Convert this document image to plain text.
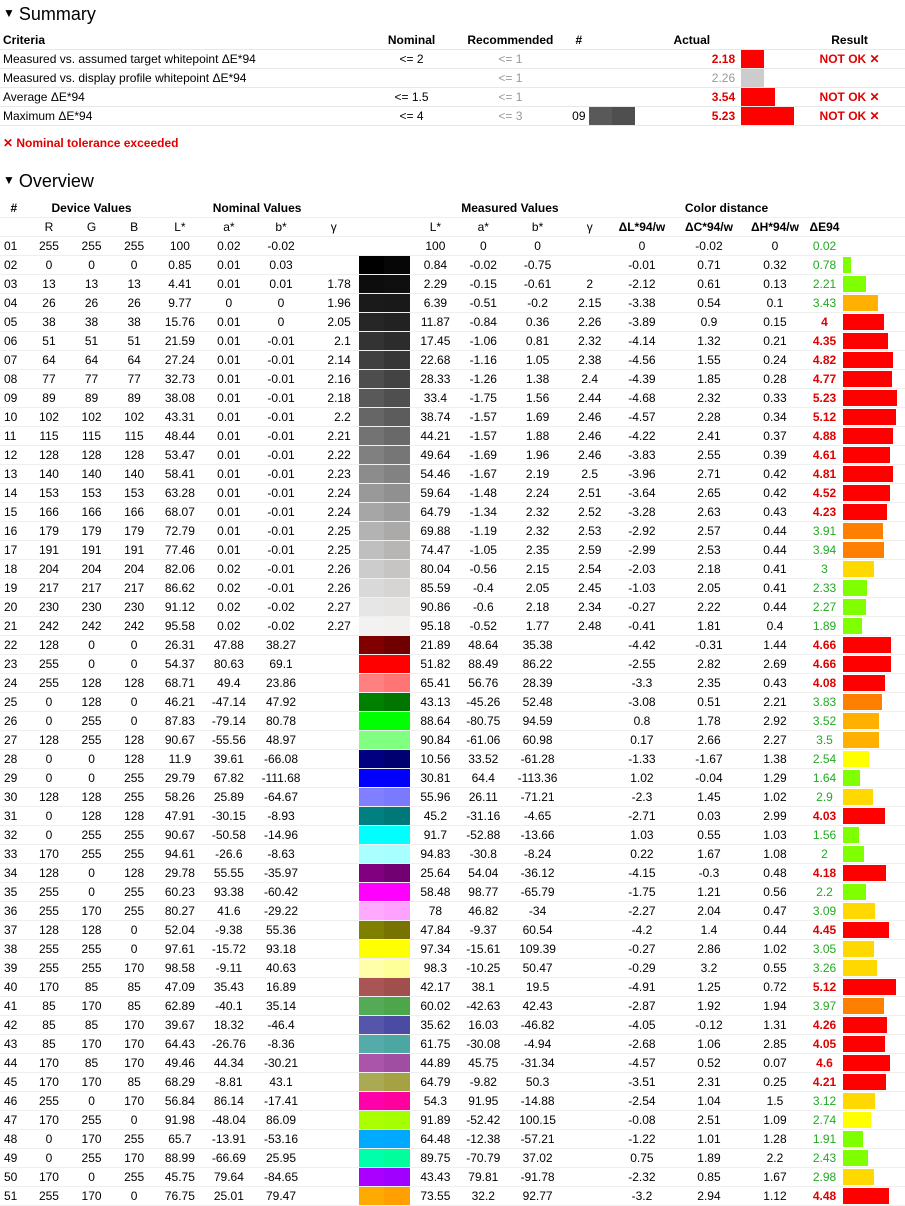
▼ Summary
Criteria	Nominal	Recommended	#	Actual			Result
Measured vs. assumed target whitepoint ΔE*94	<= 2	<= 1			2.18		NOT OK ✕
Measured vs. display profile whitepoint ΔE*94		<= 1			2.26	

Average ΔE*94	<= 1.5	<= 1			3.54		NOT OK ✕
Maximum ΔE*94	<= 4	<= 3	09		5.23		NOT OK ✕
✕ Nominal tolerance exceeded
▼ Overview
#	Device Values			Nominal Values					Measured Values				Color distance				
	R	G	B	L*	a*	b*	γ		L*	a*	b*	γ	ΔL*94/w	ΔC*94/w	ΔH*94/w	ΔE94	
01	255	255	255	100	0.02	-0.02			100	0	0		0	-0.02	0	0.02	

02	0	0	0	0.85	0.01	0.03			0.84	-0.02	-0.75		-0.01	0.71	0.32	0.78	

03	13	13	13	4.41	0.01	0.01	1.78		2.29	-0.15	-0.61	2	-2.12	0.61	0.13	2.21	

04	26	26	26	9.77	0	0	1.96		6.39	-0.51	-0.2	2.15	-3.38	0.54	0.1	3.43	

05	38	38	38	15.76	0.01	0	2.05		11.87	-0.84	0.36	2.26	-3.89	0.9	0.15	4	

06	51	51	51	21.59	0.01	-0.01	2.1		17.45	-1.06	0.81	2.32	-4.14	1.32	0.21	4.35	

07	64	64	64	27.24	0.01	-0.01	2.14		22.68	-1.16	1.05	2.38	-4.56	1.55	0.24	4.82	

08	77	77	77	32.73	0.01	-0.01	2.16		28.33	-1.26	1.38	2.4	-4.39	1.85	0.28	4.77	

09	89	89	89	38.08	0.01	-0.01	2.18		33.4	-1.75	1.56	2.44	-4.68	2.32	0.33	5.23	

10	102	102	102	43.31	0.01	-0.01	2.2		38.74	-1.57	1.69	2.46	-4.57	2.28	0.34	5.12	

11	115	115	115	48.44	0.01	-0.01	2.21		44.21	-1.57	1.88	2.46	-4.22	2.41	0.37	4.88	

12	128	128	128	53.47	0.01	-0.01	2.22		49.64	-1.69	1.96	2.46	-3.83	2.55	0.39	4.61	

13	140	140	140	58.41	0.01	-0.01	2.23		54.46	-1.67	2.19	2.5	-3.96	2.71	0.42	4.81	

14	153	153	153	63.28	0.01	-0.01	2.24		59.64	-1.48	2.24	2.51	-3.64	2.65	0.42	4.52	

15	166	166	166	68.07	0.01	-0.01	2.24		64.79	-1.34	2.32	2.52	-3.28	2.63	0.43	4.23	

16	179	179	179	72.79	0.01	-0.01	2.25		69.88	-1.19	2.32	2.53	-2.92	2.57	0.44	3.91	

17	191	191	191	77.46	0.01	-0.01	2.25		74.47	-1.05	2.35	2.59	-2.99	2.53	0.44	3.94	

18	204	204	204	82.06	0.02	-0.01	2.26		80.04	-0.56	2.15	2.54	-2.03	2.18	0.41	3	

19	217	217	217	86.62	0.02	-0.01	2.26		85.59	-0.4	2.05	2.45	-1.03	2.05	0.41	2.33	

20	230	230	230	91.12	0.02	-0.02	2.27		90.86	-0.6	2.18	2.34	-0.27	2.22	0.44	2.27	

21	242	242	242	95.58	0.02	-0.02	2.27		95.18	-0.52	1.77	2.48	-0.41	1.81	0.4	1.89	

22	128	0	0	26.31	47.88	38.27			21.89	48.64	35.38		-4.42	-0.31	1.44	4.66	

23	255	0	0	54.37	80.63	69.1			51.82	88.49	86.22		-2.55	2.82	2.69	4.66	

24	255	128	128	68.71	49.4	23.86			65.41	56.76	28.39		-3.3	2.35	0.43	4.08	

25	0	128	0	46.21	-47.14	47.92			43.13	-45.26	52.48		-3.08	0.51	2.21	3.83	

26	0	255	0	87.83	-79.14	80.78			88.64	-80.75	94.59		0.8	1.78	2.92	3.52	

27	128	255	128	90.67	-55.56	48.97			90.84	-61.06	60.98		0.17	2.66	2.27	3.5	

28	0	0	128	11.9	39.61	-66.08			10.56	33.52	-61.28		-1.33	-1.67	1.38	2.54	

29	0	0	255	29.79	67.82	-111.68			30.81	64.4	-113.36		1.02	-0.04	1.29	1.64	

30	128	128	255	58.26	25.89	-64.67			55.96	26.11	-71.21		-2.3	1.45	1.02	2.9	

31	0	128	128	47.91	-30.15	-8.93			45.2	-31.16	-4.65		-2.71	0.03	2.99	4.03	

32	0	255	255	90.67	-50.58	-14.96			91.7	-52.88	-13.66		1.03	0.55	1.03	1.56	

33	170	255	255	94.61	-26.6	-8.63			94.83	-30.8	-8.24		0.22	1.67	1.08	2	

34	128	0	128	29.78	55.55	-35.97			25.64	54.04	-36.12		-4.15	-0.3	0.48	4.18	

35	255	0	255	60.23	93.38	-60.42			58.48	98.77	-65.79		-1.75	1.21	0.56	2.2	

36	255	170	255	80.27	41.6	-29.22			78	46.82	-34		-2.27	2.04	0.47	3.09	

37	128	128	0	52.04	-9.38	55.36			47.84	-9.37	60.54		-4.2	1.4	0.44	4.45	

38	255	255	0	97.61	-15.72	93.18			97.34	-15.61	109.39		-0.27	2.86	1.02	3.05	

39	255	255	170	98.58	-9.11	40.63			98.3	-10.25	50.47		-0.29	3.2	0.55	3.26	

40	170	85	85	47.09	35.43	16.89			42.17	38.1	19.5		-4.91	1.25	0.72	5.12	

41	85	170	85	62.89	-40.1	35.14			60.02	-42.63	42.43		-2.87	1.92	1.94	3.97	

42	85	85	170	39.67	18.32	-46.4			35.62	16.03	-46.82		-4.05	-0.12	1.31	4.26	

43	85	170	170	64.43	-26.76	-8.36			61.75	-30.08	-4.94		-2.68	1.06	2.85	4.05	

44	170	85	170	49.46	44.34	-30.21			44.89	45.75	-31.34		-4.57	0.52	0.07	4.6	

45	170	170	85	68.29	-8.81	43.1			64.79	-9.82	50.3		-3.51	2.31	0.25	4.21	

46	255	0	170	56.84	86.14	-17.41			54.3	91.95	-14.88		-2.54	1.04	1.5	3.12	

47	170	255	0	91.98	-48.04	86.09			91.89	-52.42	100.15		-0.08	2.51	1.09	2.74	

48	0	170	255	65.7	-13.91	-53.16			64.48	-12.38	-57.21		-1.22	1.01	1.28	1.91	

49	0	255	170	88.99	-66.69	25.95			89.75	-70.79	37.02		0.75	1.89	2.2	2.43	

50	170	0	255	45.75	79.64	-84.65			43.43	79.81	-91.78		-2.32	0.85	1.67	2.98	

51	255	170	0	76.75	25.01	79.47			73.55	32.2	92.77		-3.2	2.94	1.12	4.48	
